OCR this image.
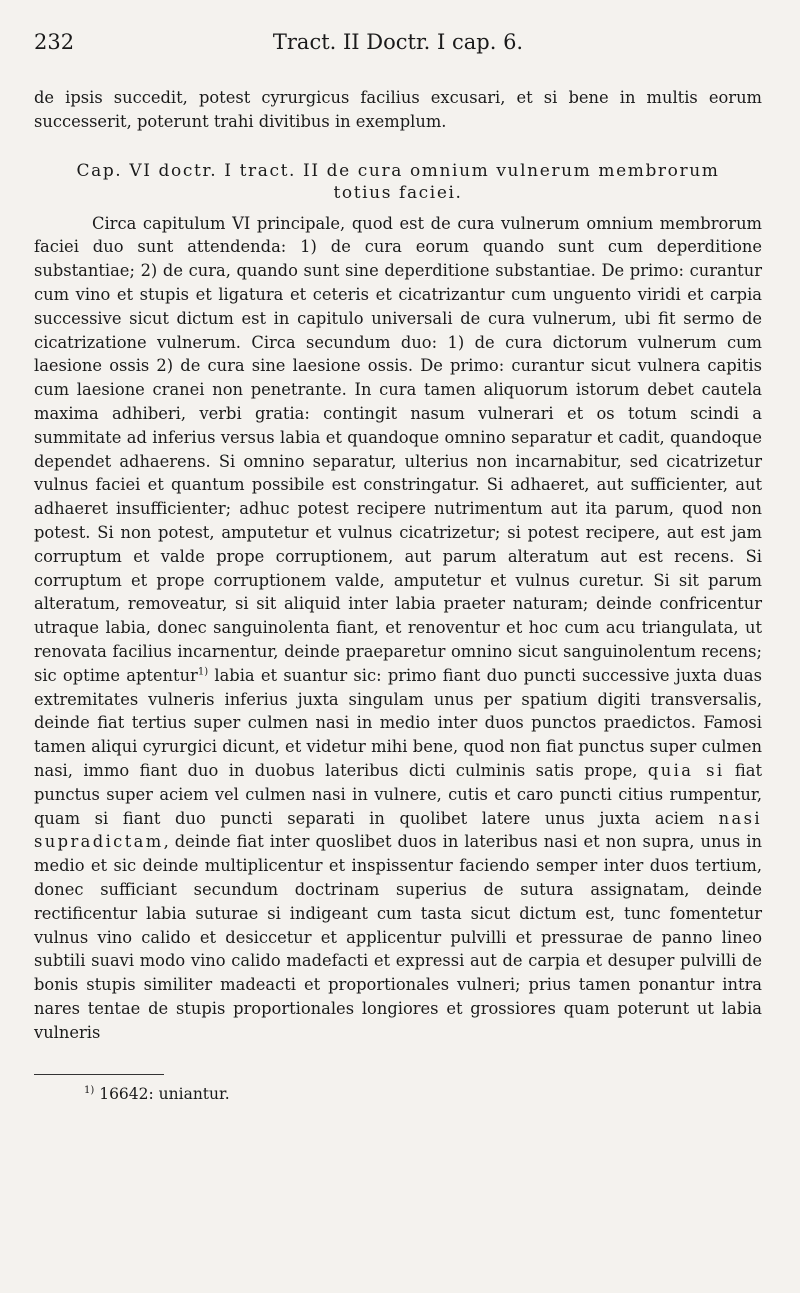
232	Tract. II Doctr. I cap. 6.

de ipsis succedit, potest cyrurgicus facilius excusari, et si bene in multis eorum successerit, poterunt trahi divitibus in exemplum.

Cap. VI doctr. I tract. II de cura omnium vulnerum membrorum
totius faciei.

Circa capitulum VI principale, quod est de cura vulnerum omnium membrorum faciei duo sunt attendenda: 1) de cura eorum quando sunt cum deperditione substantiae; 2) de cura, quando sunt sine deperditione substantiae. De primo: curantur cum vino et stupis et ligatura et ceteris et cicatrizantur cum unguento viridi et carpia successive sicut dictum est in capitulo universali de cura vulnerum, ubi fit sermo de cicatrizatione vulnerum. Circa secundum duo: 1) de cura dictorum vulnerum cum laesione ossis 2) de cura sine laesione ossis. De primo: curantur sicut vulnera capitis cum laesione cranei non penetrante. In cura tamen aliquorum istorum debet cautela maxima adhiberi, verbi gratia: contingit nasum vulnerari et os totum scindi a summitate ad inferius versus labia et quandoque omnino separatur et cadit, quandoque dependet adhaerens. Si omnino separatur, ulterius non incarnabitur, sed cicatrizetur vulnus faciei et quantum possibile est constringatur. Si adhaeret, aut sufficienter, aut adhaeret insufficienter; adhuc potest recipere nutrimentum aut ita parum, quod non potest. Si non potest, amputetur et vulnus cicatrizetur; si potest recipere, aut est jam corruptum et valde prope corruptionem, aut parum alteratum aut est recens. Si corruptum et prope corruptionem valde, amputetur et vulnus curetur. Si sit parum alteratum, removeatur, si sit aliquid inter labia praeter naturam; deinde confricentur utraque labia, donec sanguinolenta fiant, et renoventur et hoc cum acu triangulata, ut renovata facilius incarnentur, deinde praeparetur omnino sicut sanguinolentum recens; sic optime aptentur$^{1)}$ labia et suantur sic: primo fiant duo puncti successive juxta duas extremitates vulneris inferius juxta singulam unus per spatium digiti transversalis, deinde fiat tertius super culmen nasi in medio inter duos punctos praedictos. Famosi tamen aliqui cyrurgici dicunt, et videtur mihi bene, quod non fiat punctus super culmen nasi, immo fiant duo in duobus lateribus dicti culminis satis prope, quia si fiat punctus super aciem vel culmen nasi in vulnere, cutis et caro puncti citius rumpentur, quam si fiant duo puncti separati in quolibet latere unus juxta aciem nasi supradictam, deinde fiat inter quoslibet duos in lateribus nasi et non supra, unus in medio et sic deinde multiplicentur et inspissentur faciendo semper inter duos tertium, donec sufficiant secundum doctrinam superius de sutura assignatam, deinde rectificentur labia suturae si indigeant cum tasta sicut dictum est, tunc fomentetur vulnus vino calido et desiccetur et applicentur pulvilli et pressurae de panno lineo subtili suavi modo vino calido madefacti et expressi aut de carpia et desuper pulvilli de bonis stupis similiter madeacti et proportionales vulneri; prius tamen ponantur intra nares tentae de stupis proportionales longiores et grossiores quam poterunt ut labia vulneris

$^{1)}$ 16642: uniantur.
